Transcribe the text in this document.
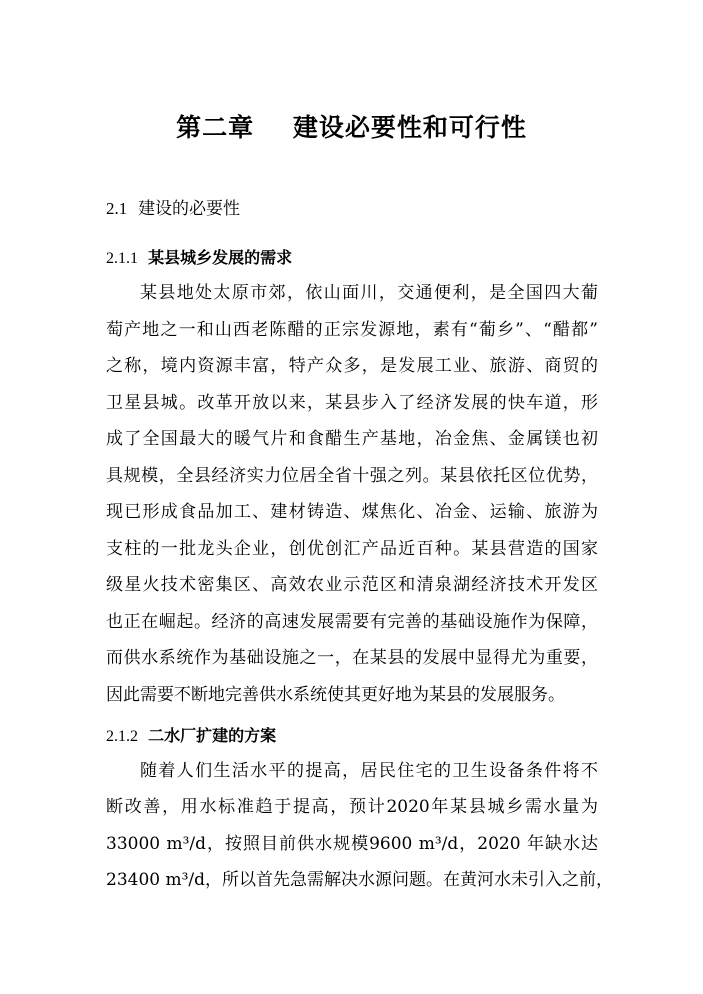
第二章    建设必要性和可行性
2.1 建设的必要性
2.1.1 某县城乡发展的需求

某县地处太原市郊，依山面川，交通便利，是全国四大葡

萄产地之一和山西老陈醋的正宗发源地，素有“葡乡”、“醋都”

之称，境内资源丰富，特产众多，是发展工业、旅游、商贸的

卫星县城。改革开放以来，某县步入了经济发展的快车道，形

成了全国最大的暖气片和食醋生产基地，冶金焦、金属镁也初

具规模，全县经济实力位居全省十强之列。某县依托区位优势，

现已形成食品加工、建材铸造、煤焦化、冶金、运输、旅游为

支柱的一批龙头企业，创优创汇产品近百种。某县营造的国家

级星火技术密集区、高效农业示范区和清泉湖经济技术开发区

也正在崛起。经济的高速发展需要有完善的基础设施作为保障，

而供水系统作为基础设施之一，在某县的发展中显得尤为重要，

因此需要不断地完善供水系统使其更好地为某县的发展服务。

2.1.2 二水厂扩建的方案

随着人们生活水平的提高，居民住宅的卫生设备条件将不

断改善，用水标准趋于提高，预计2020年某县城乡需水量为

33000 m³/d，按照目前供水规模9600 m³/d，2020 年缺水达

23400 m³/d，所以首先急需解决水源问题。在黄河水未引入之前，
